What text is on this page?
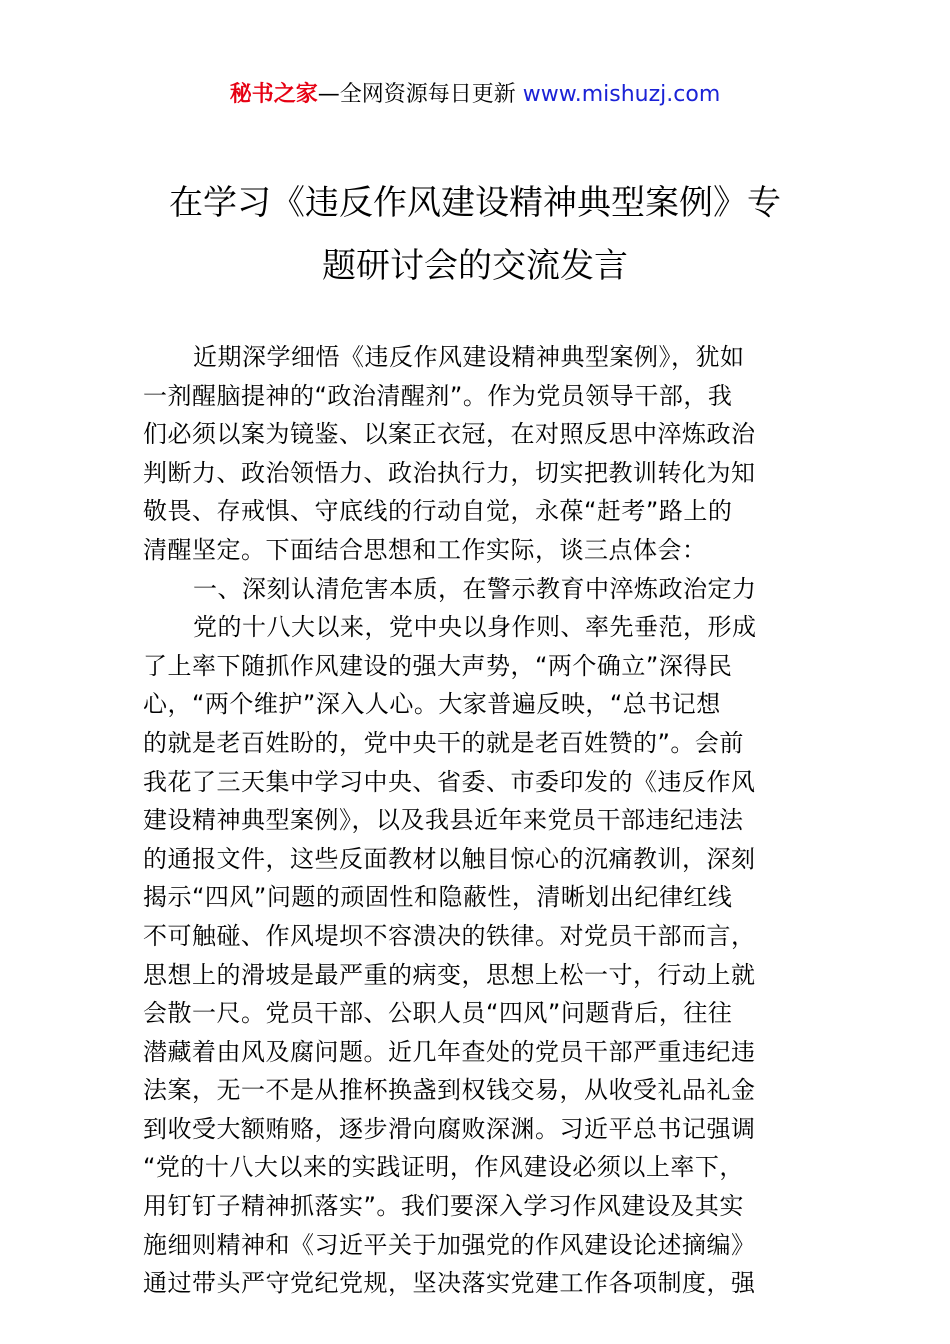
秘书之家—全网资源每日更新 www.mishuzj.com
在学习《违反作风建设精神典型案例》专
题研讨会的交流发言
近期深学细悟《违反作风建设精神典型案例》，犹如
一剂醒脑提神的“政治清醒剂”。作为党员领导干部，我
们必须以案为镜鉴、以案正衣冠，在对照反思中淬炼政治
判断力、政治领悟力、政治执行力，切实把教训转化为知
敬畏、存戒惧、守底线的行动自觉，永葆“赶考”路上的
清醒坚定。下面结合思想和工作实际，谈三点体会：
一、深刻认清危害本质，在警示教育中淬炼政治定力
党的十八大以来，党中央以身作则、率先垂范，形成
了上率下随抓作风建设的强大声势，“两个确立”深得民
心，“两个维护”深入人心。大家普遍反映，“总书记想
的就是老百姓盼的，党中央干的就是老百姓赞的”。会前
我花了三天集中学习中央、省委、市委印发的《违反作风
建设精神典型案例》，以及我县近年来党员干部违纪违法
的通报文件，这些反面教材以触目惊心的沉痛教训，深刻
揭示“四风”问题的顽固性和隐蔽性，清晰划出纪律红线
不可触碰、作风堤坝不容溃决的铁律。对党员干部而言，
思想上的滑坡是最严重的病变，思想上松一寸，行动上就
会散一尺。党员干部、公职人员“四风”问题背后，往往
潜藏着由风及腐问题。近几年查处的党员干部严重违纪违
法案，无一不是从推杯换盏到权钱交易，从收受礼品礼金
到收受大额贿赂，逐步滑向腐败深渊。习近平总书记强调
“党的十八大以来的实践证明，作风建设必须以上率下，
用钉钉子精神抓落实”。我们要深入学习作风建设及其实
施细则精神和《习近平关于加强党的作风建设论述摘编》
通过带头严守党纪党规，坚决落实党建工作各项制度，强
